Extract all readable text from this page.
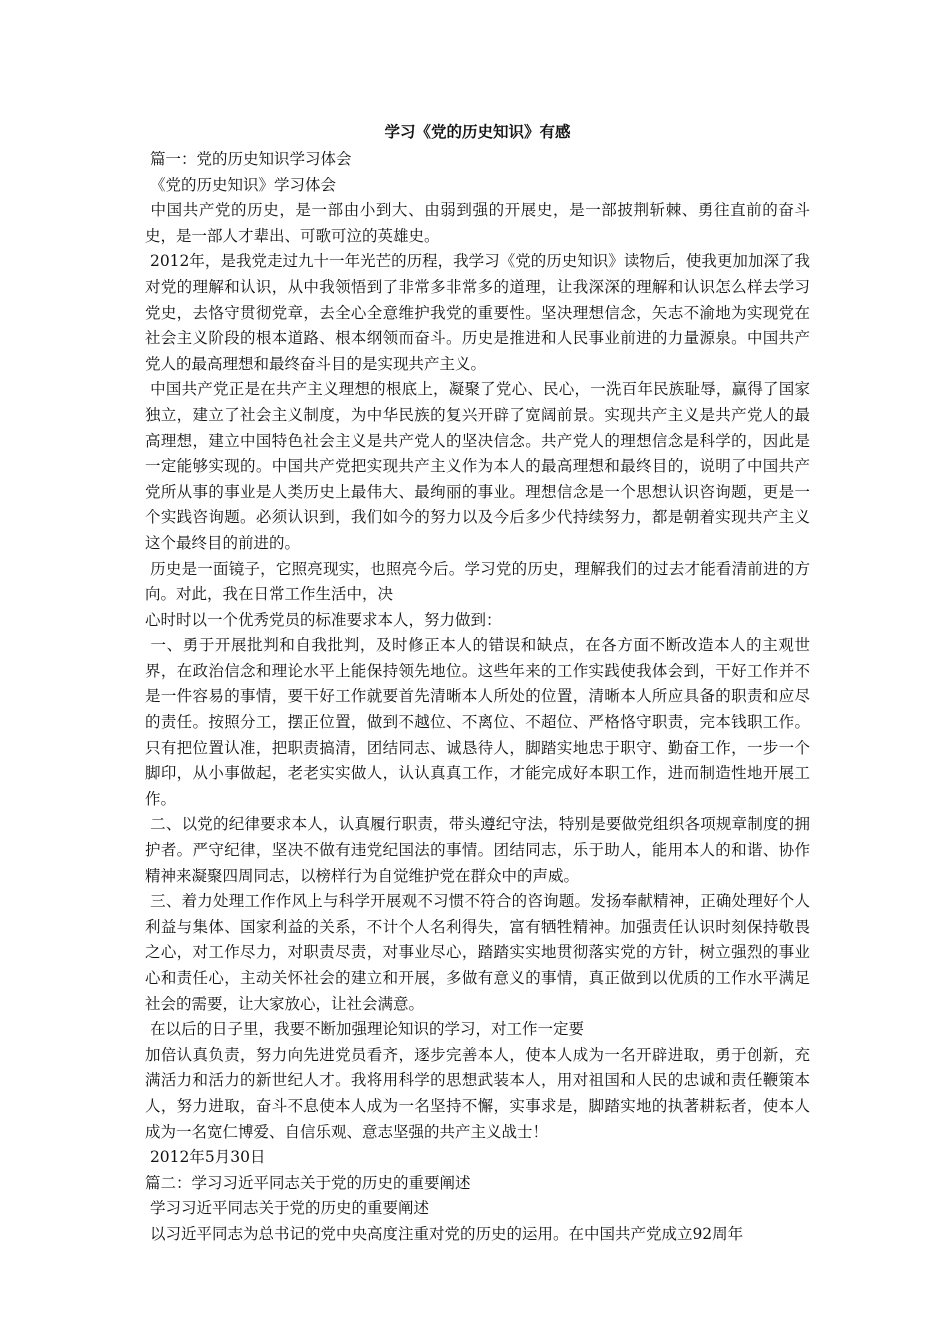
学习《党的历史知识》有感

篇一：党的历史知识学习体会

《党的历史知识》学习体会

中国共产党的历史，是一部由小到大、由弱到强的开展史，是一部披荆斩棘、勇往直前的奋斗史，是一部人才辈出、可歌可泣的英雄史。

2012年，是我党走过九十一年光芒的历程，我学习《党的历史知识》读物后，使我更加加深了我对党的理解和认识，从中我领悟到了非常多非常多的道理，让我深深的理解和认识怎么样去学习党史，去恪守贯彻党章，去全心全意维护我党的重要性。坚决理想信念，矢志不渝地为实现党在社会主义阶段的根本道路、根本纲领而奋斗。历史是推进和人民事业前进的力量源泉。中国共产党人的最高理想和最终奋斗目的是实现共产主义。

中国共产党正是在共产主义理想的根底上，凝聚了党心、民心，一洗百年民族耻辱，赢得了国家独立，建立了社会主义制度，为中华民族的复兴开辟了宽阔前景。实现共产主义是共产党人的最高理想，建立中国特色社会主义是共产党人的坚决信念。共产党人的理想信念是科学的，因此是一定能够实现的。中国共产党把实现共产主义作为本人的最高理想和最终目的，说明了中国共产党所从事的事业是人类历史上最伟大、最绚丽的事业。理想信念是一个思想认识咨询题，更是一个实践咨询题。必须认识到，我们如今的努力以及今后多少代持续努力，都是朝着实现共产主义这个最终目的前进的。

历史是一面镜子，它照亮现实，也照亮今后。学习党的历史，理解我们的过去才能看清前进的方向。对此，我在日常工作生活中，决

心时时以一个优秀党员的标准要求本人，努力做到：

一、勇于开展批判和自我批判，及时修正本人的错误和缺点，在各方面不断改造本人的主观世界，在政治信念和理论水平上能保持领先地位。这些年来的工作实践使我体会到，干好工作并不是一件容易的事情，要干好工作就要首先清晰本人所处的位置，清晰本人所应具备的职责和应尽的责任。按照分工，摆正位置，做到不越位、不离位、不超位、严格恪守职责，完本钱职工作。只有把位置认准，把职责搞清，团结同志、诚恳待人，脚踏实地忠于职守、勤奋工作，一步一个脚印，从小事做起，老老实实做人，认认真真工作，才能完成好本职工作，进而制造性地开展工作。

二、以党的纪律要求本人，认真履行职责，带头遵纪守法，特别是要做党组织各项规章制度的拥护者。严守纪律，坚决不做有违党纪国法的事情。团结同志，乐于助人，能用本人的和谐、协作精神来凝聚四周同志，以榜样行为自觉维护党在群众中的声威。

三、着力处理工作作风上与科学开展观不习惯不符合的咨询题。发扬奉献精神，正确处理好个人利益与集体、国家利益的关系，不计个人名利得失，富有牺牲精神。加强责任认识时刻保持敬畏之心，对工作尽力，对职责尽责，对事业尽心，踏踏实实地贯彻落实党的方针，树立强烈的事业心和责任心，主动关怀社会的建立和开展，多做有意义的事情，真正做到以优质的工作水平满足社会的需要，让大家放心，让社会满意。

在以后的日子里，我要不断加强理论知识的学习，对工作一定要

加倍认真负责，努力向先进党员看齐，逐步完善本人，使本人成为一名开辟进取，勇于创新，充满活力和活力的新世纪人才。我将用科学的思想武装本人，用对祖国和人民的忠诚和责任鞭策本人，努力进取，奋斗不息使本人成为一名坚持不懈，实事求是，脚踏实地的执著耕耘者，使本人成为一名宽仁博爱、自信乐观、意志坚强的共产主义战士！

2012年5月30日

篇二：学习习近平同志关于党的历史的重要阐述

学习习近平同志关于党的历史的重要阐述

以习近平同志为总书记的党中央高度注重对党的历史的运用。在中国共产党成立92周年
